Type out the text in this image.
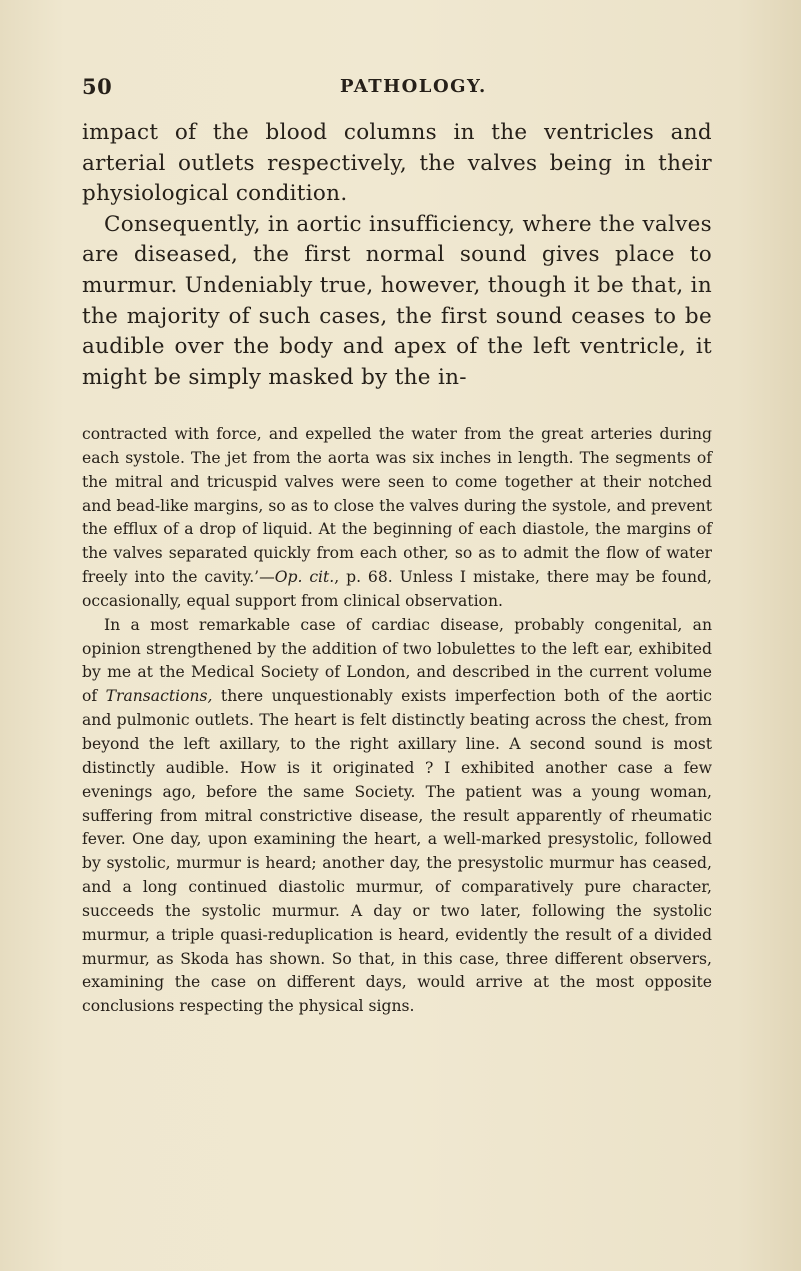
50	PATHOLOGY.

impact of the blood columns in the ventricles and arterial outlets respectively, the valves being in their physiological condition.

Consequently, in aortic insufficiency, where the valves are diseased, the first normal sound gives place to murmur. Undeniably true, however, though it be that, in the majority of such cases, the first sound ceases to be audible over the body and apex of the left ventricle, it might be simply masked by the in-

contracted with force, and expelled the water from the great arteries during each systole. The jet from the aorta was six inches in length. The segments of the mitral and tricuspid valves were seen to come together at their notched and bead-like margins, so as to close the valves during the systole, and prevent the efflux of a drop of liquid. At the beginning of each diastole, the margins of the valves separated quickly from each other, so as to admit the flow of water freely into the cavity.’—Op. cit., p. 68. Unless I mistake, there may be found, occasionally, equal support from clinical observation.

In a most remarkable case of cardiac disease, probably congenital, an opinion strengthened by the addition of two lobulettes to the left ear, exhibited by me at the Medical Society of London, and described in the current volume of Transactions, there unquestionably exists imperfection both of the aortic and pulmonic outlets. The heart is felt distinctly beating across the chest, from beyond the left axillary, to the right axillary line. A second sound is most distinctly audible. How is it originated ? I exhibited another case a few evenings ago, before the same Society. The patient was a young woman, suffering from mitral constrictive disease, the result apparently of rheumatic fever. One day, upon examining the heart, a well-marked presystolic, followed by systolic, murmur is heard; another day, the presystolic murmur has ceased, and a long continued diastolic murmur, of comparatively pure character, succeeds the systolic murmur. A day or two later, following the systolic murmur, a triple quasi-reduplication is heard, evidently the result of a divided murmur, as Skoda has shown. So that, in this case, three different observers, examining the case on different days, would arrive at the most opposite conclusions respecting the physical signs.
